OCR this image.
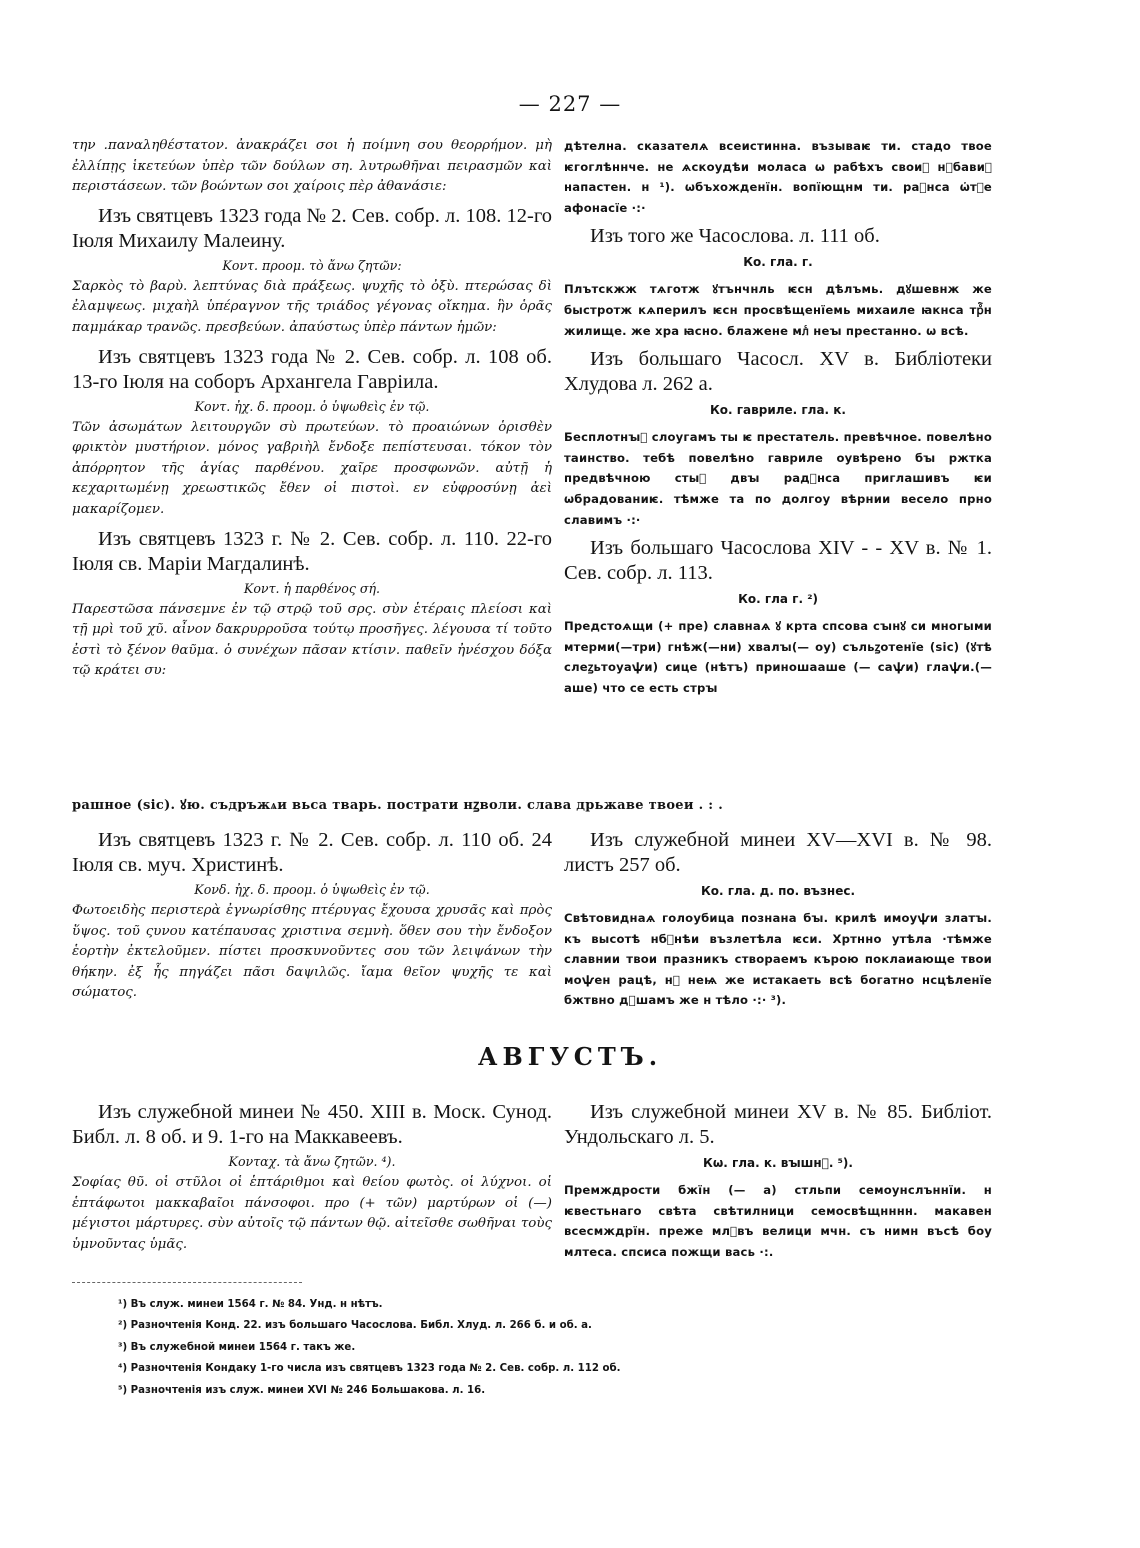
— 227 —

την .παναληθέστατον. ἀνακράζει σοι ἡ ποίμνη σου θεορρήμον. μὴ ἐλλίπῃς ἱκετεύων ὑπὲρ τῶν δούλων ση. λυτρωθῆναι πειρασμῶν καὶ περιστάσεων. τῶν βοώντων σοι χαίροις πὲρ ἀθανάσιε:

Изъ святцевъ 1323 года № 2. Сев. собр. л. 108. 12-го Іюля Михаилу Малеину.

Κοντ. προομ. τὸ ἄνω ζητῶν:

Σαρκὸς τὸ βαρὺ. λεπτύνας διὰ πράξεως. ψυχῆς τὸ ὀξὺ. πτερώσας δὶ ἐλαμψεως. μιχαὴλ ὑπέραγνον τῆς τριάδος γέγονας οἴκημα. ἣν ὁρᾶς παμμάκαρ τρανῶς. πρεσβεύων. ἀπαύστως ὑπὲρ πάντων ἡμῶν:

Изъ святцевъ 1323 года № 2. Сев. собр. л. 108 об. 13-го Іюля на соборъ Архангела Гавріила.

Κοντ. ἠχ. δ. προομ. ὁ ὑψωθεὶς ἐν τῷ.

Τῶν ἀσωμάτων λειτουργῶν σὺ πρωτεύων. τὸ προαιώνων ὁρισθὲν φρικτὸν μυστήριον. μόνος γαβριὴλ ἔνδοξε πεπίστευσαι. τόκον τὸν ἀπόρρητον τῆς ἁγίας παρθένου. χαῖρε προσφωνῶν. αὐτῇ ἡ κεχαριτωμένῃ χρεωστικῶς ἔθεν οἱ πιστοὶ. εν εὐφροσύνῃ ἀεὶ μακαρίζομεν.

Изъ святцевъ 1323 г. № 2. Сев. собр. л. 110. 22-го Іюля св. Маріи Магдалинѣ.

Κοντ. ἡ παρθένος σή.

Παρεστῶσα πάνσεμνε ἐν τῷ στρῷ τοῦ σρς. σὺν ἑτέραις πλείοσι καὶ τῇ μρὶ τοῦ χῦ. αἶνον δακρυρροῦσα τούτῳ προσῆγες. λέγουσα τί τοῦτο ἐστὶ τὸ ξένον θαῦμα. ὁ συνέχων πᾶσαν κτίσιν. παθεῖν ἠνέσχου δόξα τῷ κράτει συ:

дѣтелна. сказателѧ всеистинна. възываѥ ти. стадо твое ѥгоглѣннче. не ѧскоудѣи моласа ѡ рабѣхъ своиⷯ нꙁбавиⷣ напастен. н ¹). ѡбъхожденїн. вопїющнм ти. раⷣнса ѡ҆тⷱе афонасїе ·:·

Изъ того же Часослова. л. 111 об.

Ко. гла. г.

Плътскжж тѧготж ꙋтънчнль ѥсн дѣлъмь. дꙋшевнж же быстротж кѧперилъ ѥсн просвѣщенїемь михаиле ꙗкнса трⷪ҇н жилище. же хра ꙗсно. блажене млⷭ неꙑ престанно. ѡ всѣ.

Изъ большаго Часосл. XV в. Библіотеки Хлудова л. 262 а.

Ко. гавриле. гла. к.

Бесплотнꙑⷯ слоугамъ ты ѥ престатель. превѣчное. повелѣно таинство. тебѣ повелѣно гавриле оувѣрено бꙑ ржтка предвѣчною стыⷤ двꙑ радꙋнса приглашивъ ѥи ѡбрадованиѥ. тѣмже та по долгоу вѣрнии весело прно славимъ ·:·

Изъ большаго Часослова XIV - - XV в. № 1. Сев. собр. л. 113.

Ко. гла г. ²)

Предстоѧщи (+ пре) славнаѧ ꙋ крта спсова сꙑнꙋ си многыми мтерми(—три) гнѣж(—ни) хвалꙑ(— оу) съльꙁотенїе (sic) (ꙋтѣ слеꙁьтоуаѱи) сице (нѣтъ) приношааше (— саѱи) глаѱи.(—аше) что се есть стрꙑ

рашное (sic). ꙋю. съдръжѧи вьса тварь. пострати нꙁволи. слава дрьжаве твоеи . : .

Изъ святцевъ 1323 г. № 2. Сев. собр. л. 110 об. 24 Іюля св. муч. Христинѣ.

Κονδ. ἠχ. δ. προομ. ὁ ὑψωθεὶς ἐν τῷ.

Φωτοειδὴς περιστερὰ ἐγνωρίσθης πτέρυγας ἔχουσα χρυσᾶς καὶ πρὸς ὕψος. τοῦ ςυνου κατέπαυσας χριστινα σεμνὴ. ὅθεν σου τὴν ἔνδοξον ἑορτὴν ἐκτελοῦμεν. πίστει προσκυνοῦντες σου τῶν λειψάνων τὴν θήκην. ἐξ ἧς πηγάζει πᾶσι δαψιλῶς. ἴαμα θεῖον ψυχῆς τε καὶ σώματος.

Изъ служебной минеи XV—XVI в. № 98. листъ 257 об.

Ко. гла. д. по. възнес.

Свѣтовиднаѧ голоубица познана бꙑ. крилѣ имоуѱи златꙑ. къ высотѣ нбⷭнѣи възлетѣла ѥси. Хртнно утѣла ·тѣмже славнии твои празникъ створаемъ кърою поклаиающе твои моѱен рацѣ, нꙁ неѩ же истакаеть всѣ богатно нсцѣленїе бжтвно дꙋшамъ же н тѣло ·:· ³).

АВГУСТЪ.

Изъ служебной минеи № 450. XIII в. Моск. Сунод. Библ. л. 8 об. и 9. 1-го на Маккавеевъ.

Κονταχ. τὰ ἄνω ζητῶν. ⁴).

Σοφίας θῦ. οἱ στῦλοι οἱ ἑπτάριθμοι καὶ θείου φωτὸς. οἱ λύχνοι. οἱ ἑπτάφωτοι μακκαβαῖοι πάνσοφοι. προ (+ τῶν) μαρτύρων οἱ (—) μέγιστοι μάρτυρες. σὺν αὐτοῖς τῷ πάντων θῷ. αἰτεῖσθε σωθῆναι τοὺς ὑμνοῦντας ὑμᾶς.

Изъ служебной минеи XV в. № 85. Библіот. Ундольскаго л. 5.

Кѡ. гла. к. вꙑшнⷨ. ⁵).

Премждрости бжїн (— а) стльпи семоунслъннїи. н ѥвестьнаго свѣта свѣтилници семосвѣщнннн. макавен всесмждрїн. преже млⷭвъ велици мчн. съ нимн въсѣ боу млтеса. спсиса пожщи вась ·:.

¹) Въ служ. минеи 1564 г. № 84. Унд. н нѣтъ.
²) Разночтенія Конд. 22. изъ большаго Часослова. Библ. Хлуд. л. 266 б. и об. а.
³) Въ служебной минеи 1564 г. такъ же.
⁴) Разночтенія Кондаку 1-го числа изъ святцевъ 1323 года № 2. Сев. собр. л. 112 об.
⁵) Разночтенія изъ служ. минеи XVI № 246 Большакова. л. 16.
